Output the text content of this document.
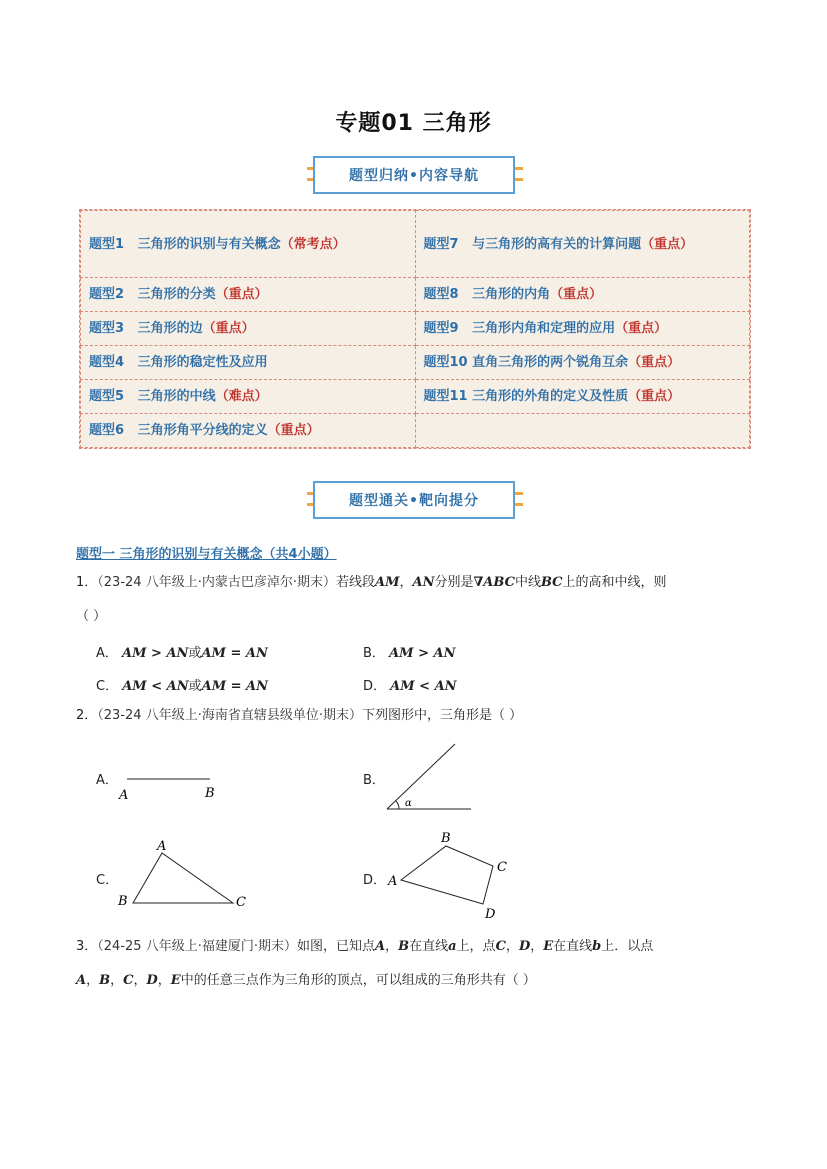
专题01 三角形
题型归纳•内容导航
题型1 三角形的识别与有关概念（常考点）	题型7 与三角形的高有关的计算问题（重点）
题型2 三角形的分类（重点）	题型8 三角形的内角（重点）
题型3 三角形的边（重点）	题型9 三角形内角和定理的应用（重点）
题型4 三角形的稳定性及应用	题型10 直角三角形的两个锐角互余（重点）
题型5 三角形的中线（难点）	题型11 三角形的外角的定义及性质（重点）
题型6 三角形角平分线的定义（重点）	
题型通关•靶向提分
题型一 三角形的识别与有关概念（共4小题）
1．（23-24 八年级上·内蒙古巴彦淖尔·期末）若线段AM，AN分别是∇ABC中线BC上的高和中线，则
（ ）
A． AM > AN或AM = AN	B． AM > AN
C． AM < AN或AM = AN	D． AM < AN
2．（23-24 八年级上·海南省直辖县级单位·期末）下列图形中，三角形是（ ）
A．	B．
C．	D．
A	B
α
A
B	C
B
A
C
D
3．（24-25 八年级上·福建厦门·期末）如图，已知点A，B在直线a上，点C，D，E在直线b上．以点
A，B，C，D，E中的任意三点作为三角形的顶点，可以组成的三角形共有（ ）
